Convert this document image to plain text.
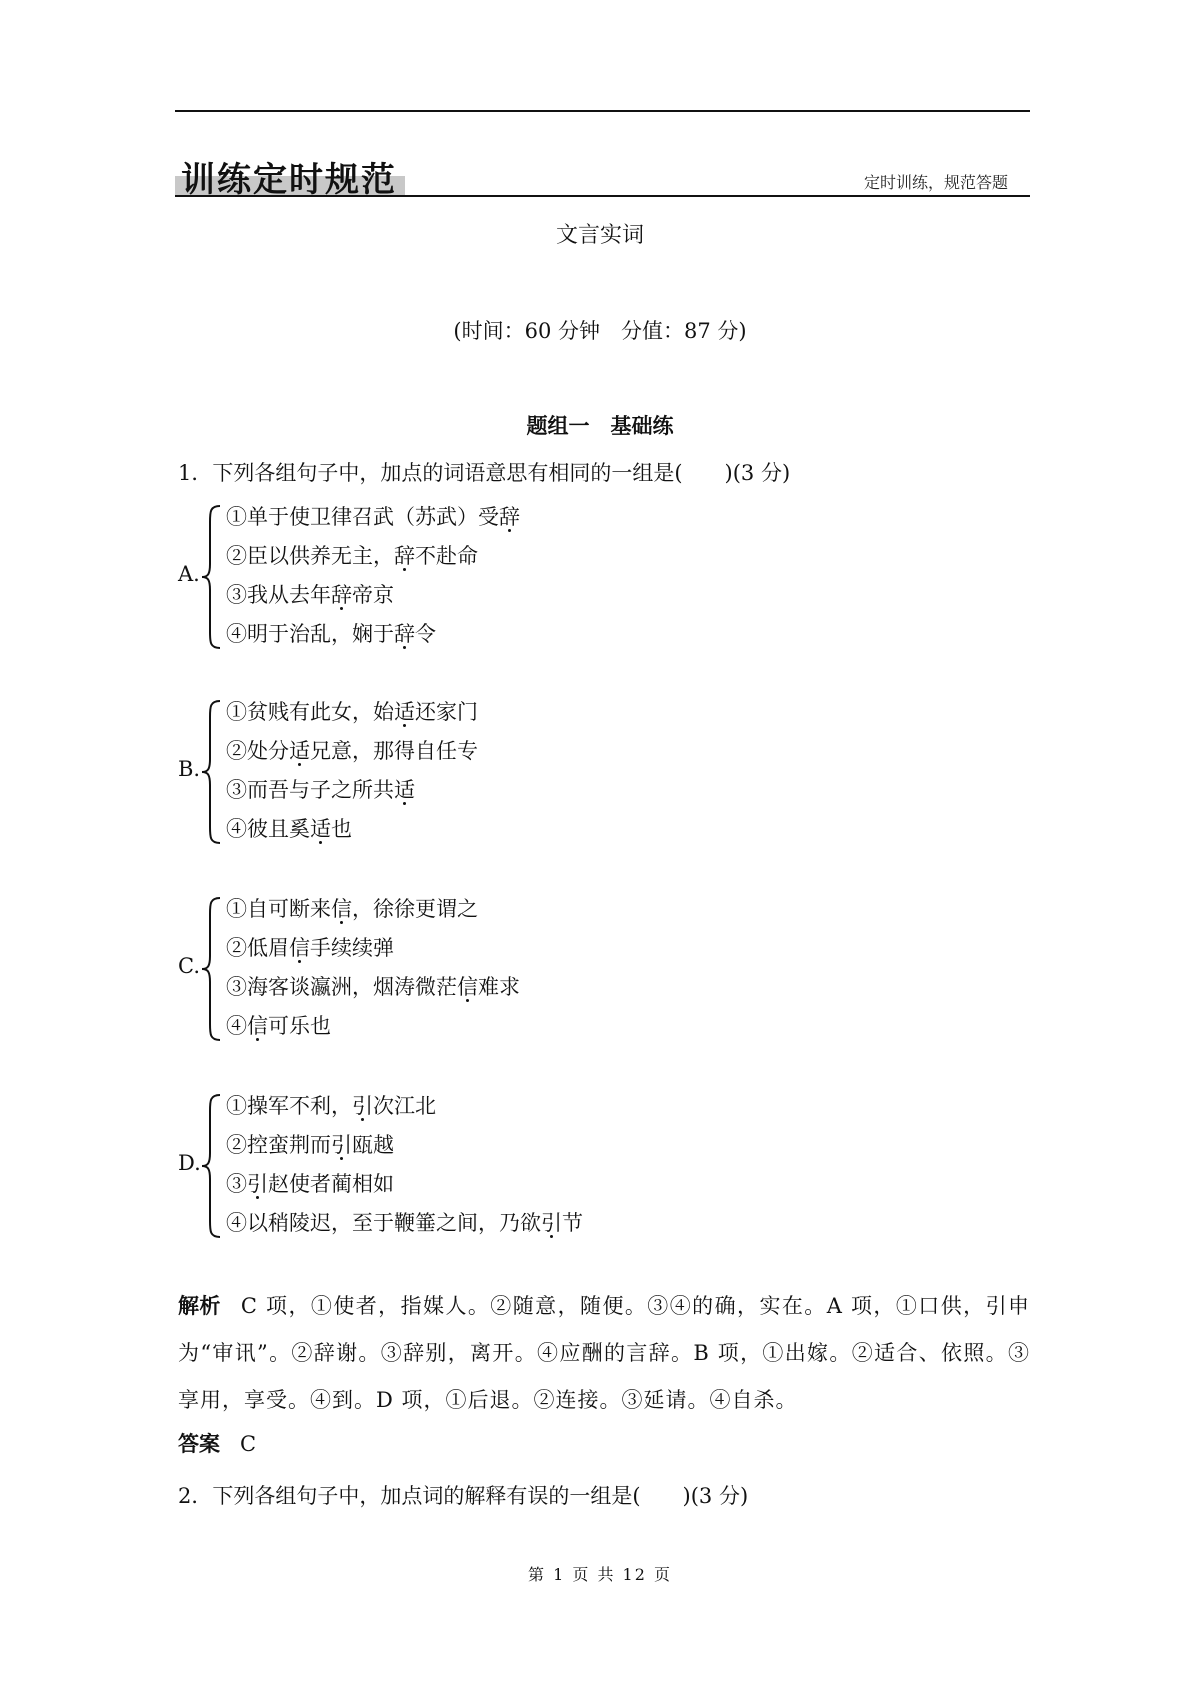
训练定时规范	定时训练，规范答题
文言实词
(时间：60 分钟　分值：87 分)
题组一　基础练
1．下列各组句子中，加点的词语意思有相同的一组是(　　)(3 分)
A.
①单于使卫律召武（苏武）受辞
②臣以供养无主，辞不赴命
③我从去年辞帝京
④明于治乱，娴于辞令
B.
①贫贱有此女，始适还家门
②处分适兄意，那得自任专
③而吾与子之所共适
④彼且奚适也
C.
①自可断来信，徐徐更谓之
②低眉信手续续弹
③海客谈瀛洲，烟涛微茫信难求
④信可乐也
D.
①操军不利，引次江北
②控蛮荆而引瓯越
③引赵使者蔺相如
④以稍陵迟，至于鞭箠之间，乃欲引节
解析 C 项，①使者，指媒人。②随意，随便。③④的确，实在。A 项，①口供，引申为“审讯”。②辞谢。③辞别，离开。④应酬的言辞。B 项，①出嫁。②适合、依照。③享用，享受。④到。D 项，①后退。②连接。③延请。④自杀。
答案 C
2．下列各组句子中，加点词的解释有误的一组是(　　)(3 分)
第 1 页 共 12 页
